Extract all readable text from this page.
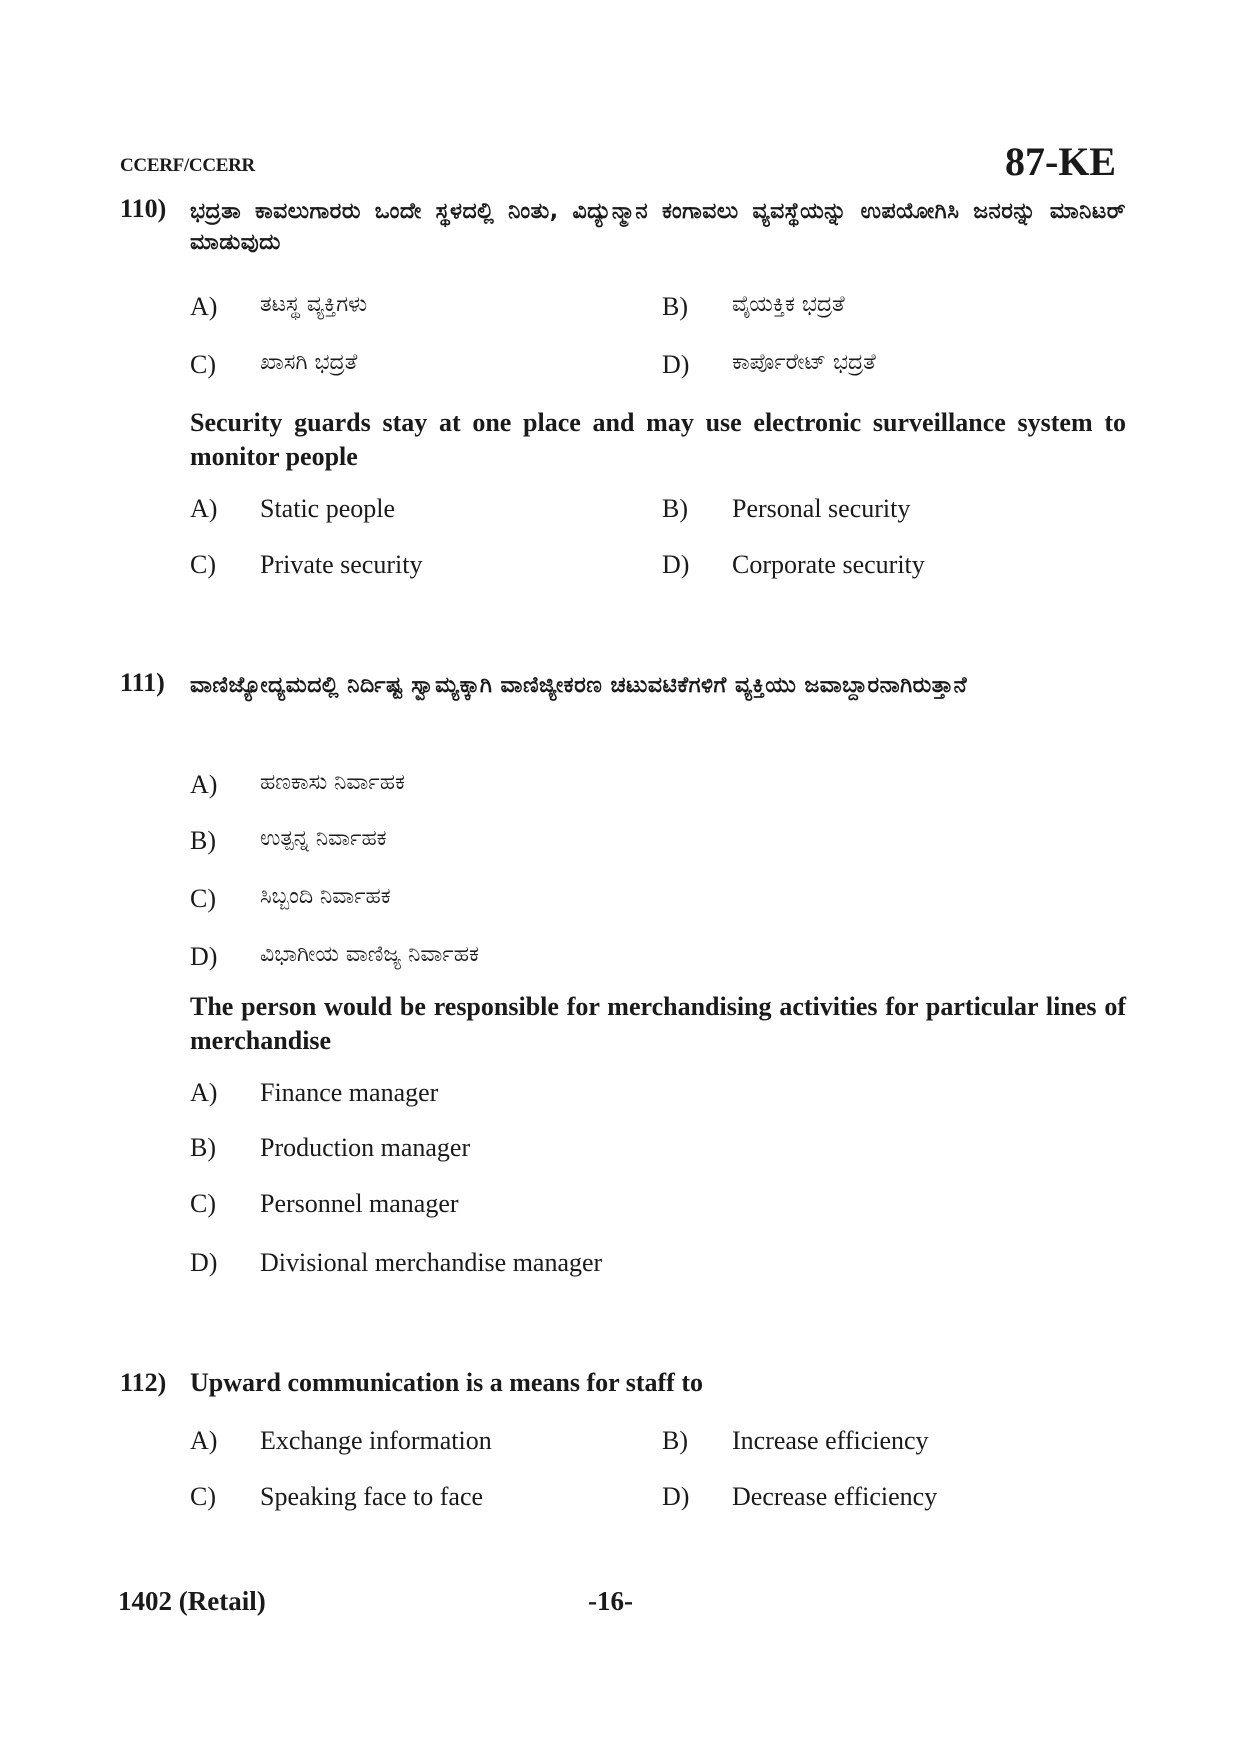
CCERF/CCERR	87-KE
110) ಭದ್ರತಾ ಕಾವಲುಗಾರರು ಒಂದೇ ಸ್ಥಳದಲ್ಲಿ ನಿಂತು, ವಿದ್ಯುನ್ಮಾನ ಕಂಗಾವಲು ವ್ಯವಸ್ಥೆಯನ್ನು ಉಪಯೋಗಿಸಿ ಜನರನ್ನು ಮಾನಿಟರ್ ಮಾಡುವುದು
A)	ತಟಸ್ಥ ವ್ಯಕ್ತಿಗಳು	B)	ವೈಯಕ್ತಿಕ ಭದ್ರತೆ
C)	ಖಾಸಗಿ ಭದ್ರತೆ	D)	ಕಾರ್ಪೊರೇಟ್ ಭದ್ರತೆ
Security guards stay at one place and may use electronic surveillance system to monitor people
A)	Static people	B)	Personal security
C)	Private security	D)	Corporate security
111) ವಾಣಿಜ್ಯೋದ್ಯಮದಲ್ಲಿ ನಿರ್ದಿಷ್ಟ ಸ್ವಾಮ್ಯಕ್ಕಾಗಿ ವಾಣಿಜ್ಯೀಕರಣ ಚಟುವಟಿಕೆಗಳಿಗೆ ವ್ಯಕ್ತಿಯು ಜವಾಬ್ದಾರನಾಗಿರುತ್ತಾನೆ
A)	ಹಣಕಾಸು ನಿರ್ವಾಹಕ
B)	ಉತ್ಪನ್ನ ನಿರ್ವಾಹಕ
C)	ಸಿಬ್ಬಂದಿ ನಿರ್ವಾಹಕ
D)	ವಿಭಾಗೀಯ ವಾಣಿಜ್ಯ ನಿರ್ವಾಹಕ
The person would be responsible for merchandising activities for particular lines of merchandise
A)	Finance manager
B)	Production manager
C)	Personnel manager
D)	Divisional merchandise manager
112) Upward communication is a means for staff to
A)	Exchange information	B)	Increase efficiency
C)	Speaking face to face	D)	Decrease efficiency
1402 (Retail)	-16-
